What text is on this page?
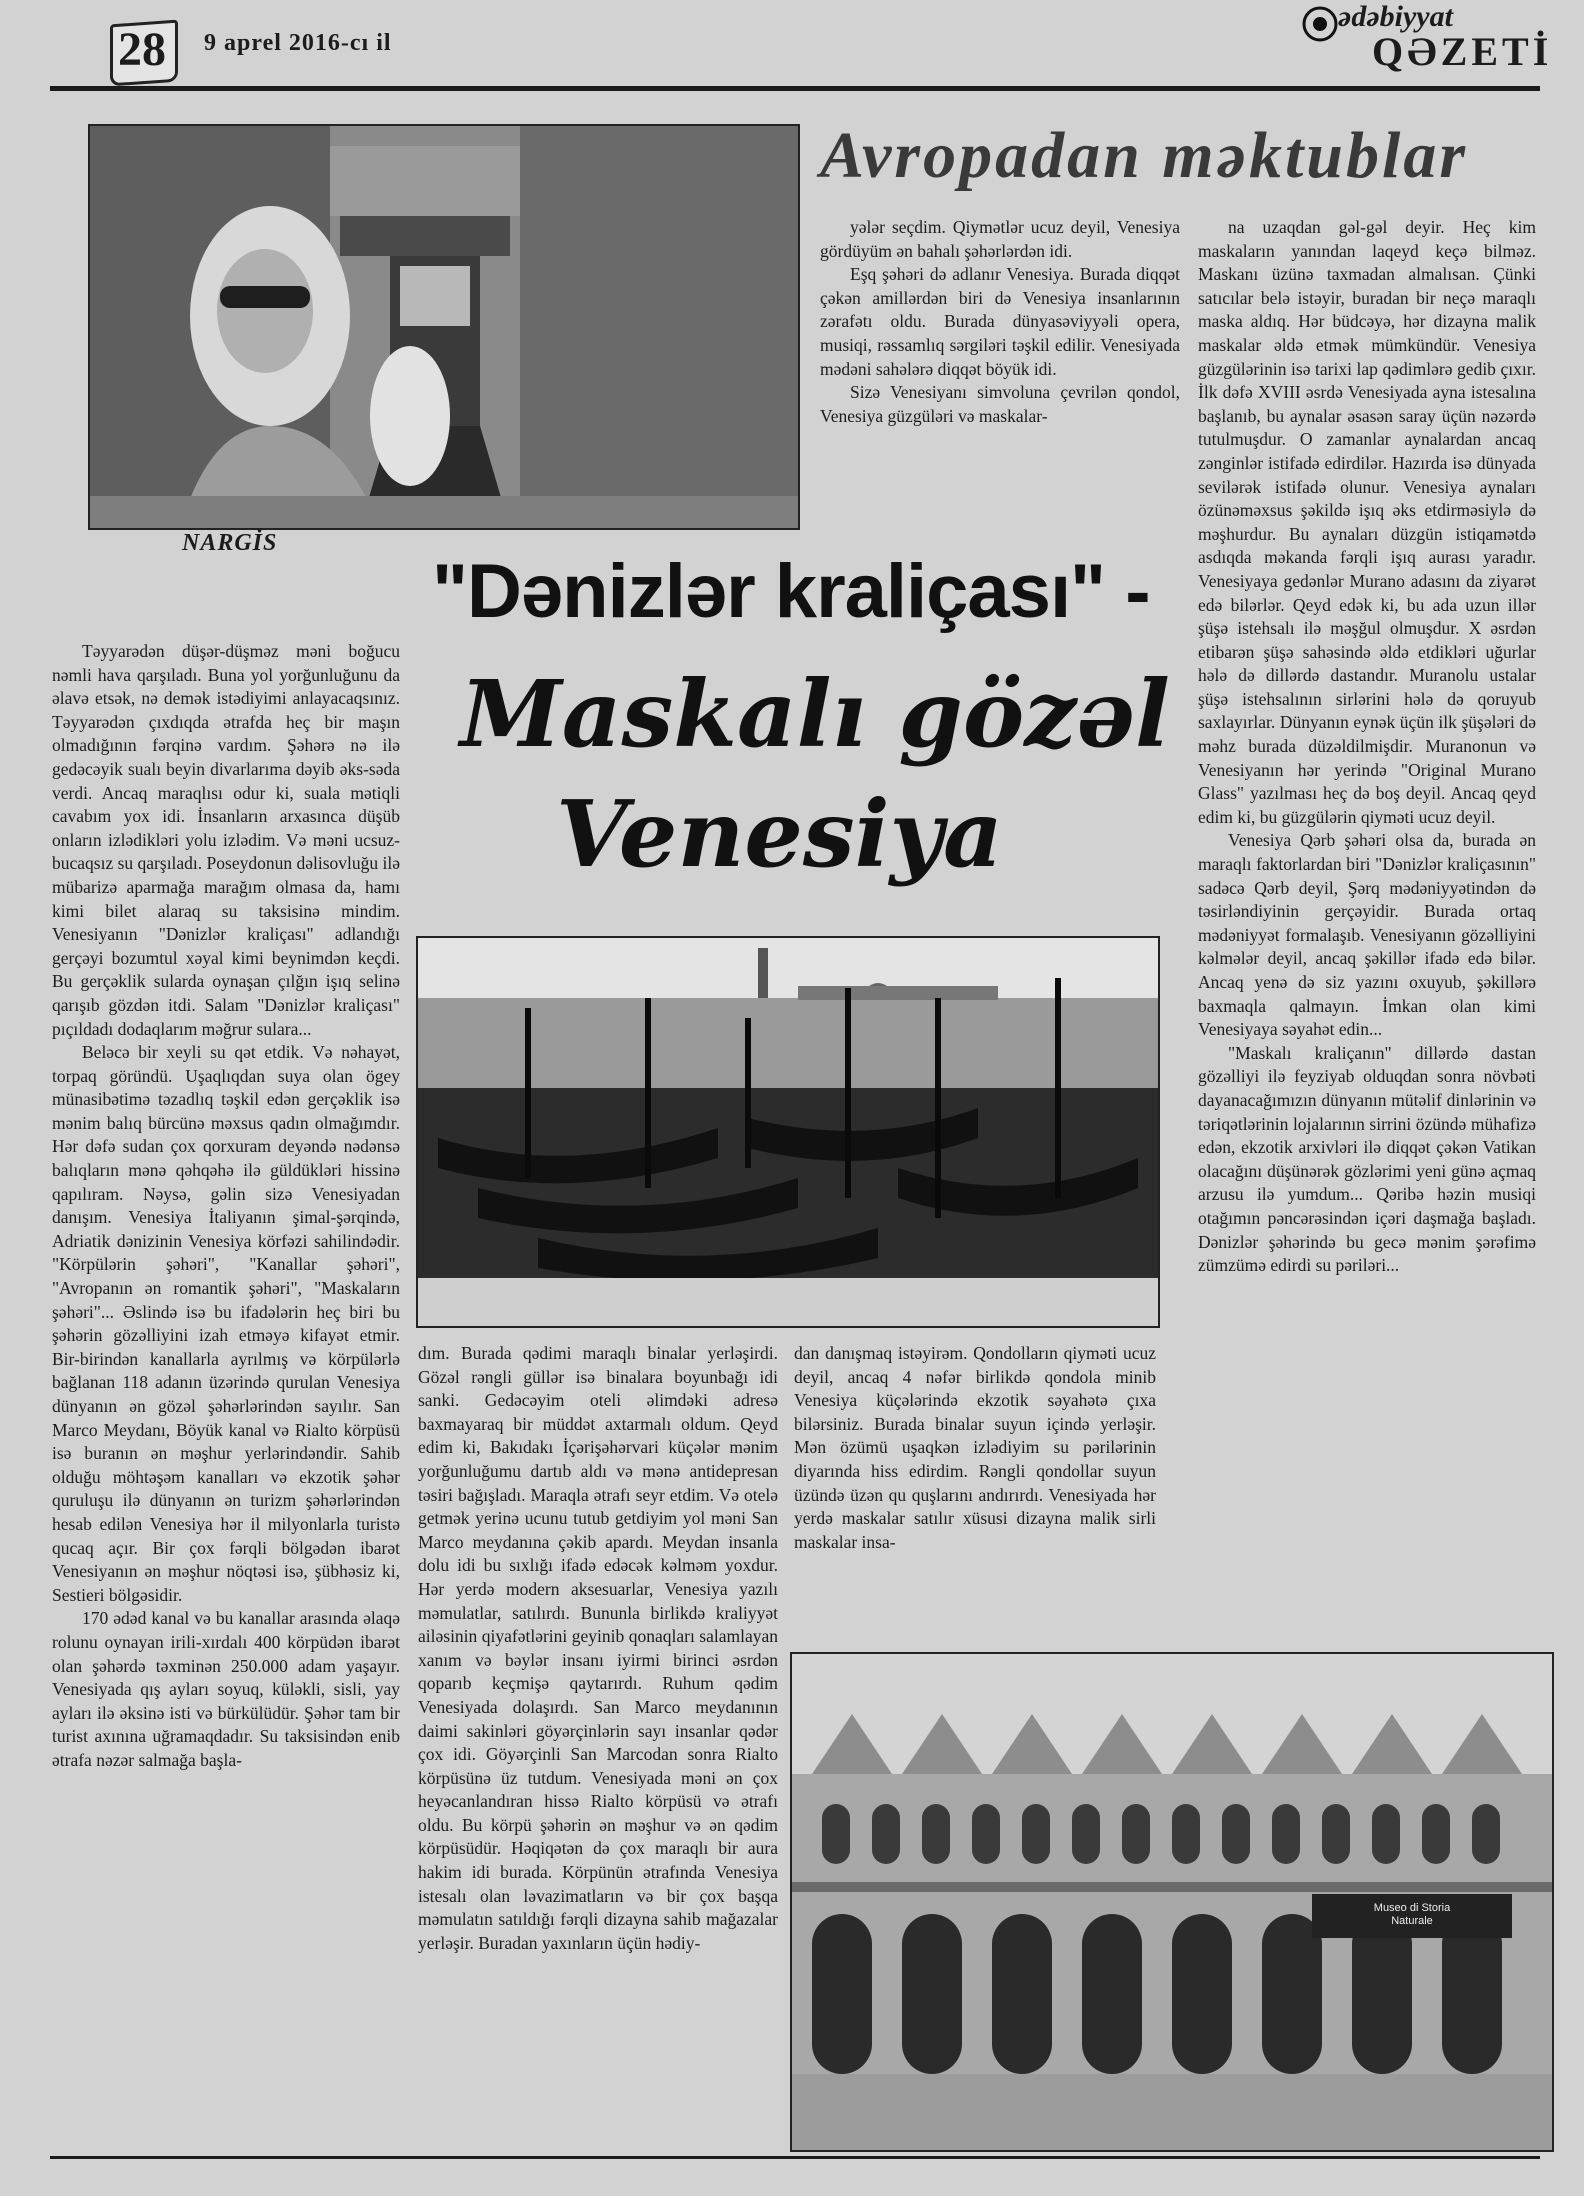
28 9 aprel 2016-cı il
ədəbiyyat
QƏZETİ
Avropadan məktublar
NARGİS
"Dənizlər kraliçası" -
Maskalı gözəl
Venesiya

Təyyarədən düşər-düşməz məni boğucu nəmli hava qarşıladı. Buna yol yorğunluğunu da əlavə etsək, nə demək istədiyimi anlayacaqsınız. Təyyarədən çıxdıqda ətrafda heç bir maşın olmadığının fərqinə vardım. Şəhərə nə ilə gedəcəyik sualı beyin divarlarıma dəyib əks-səda verdi. Ancaq maraqlısı odur ki, suala mətiqli cavabım yox idi. İnsanların arxasınca düşüb onların izlədikləri yolu izlədim. Və məni ucsuz-bucaqsız su qarşıladı. Poseydonun dəlisovluğu ilə mübarizə aparmağa marağım olmasa da, hamı kimi bilet alaraq su taksisinə mindim. Venesiyanın "Dənizlər kraliçası" adlandığı gerçəyi bozumtul xəyal kimi beynimdən keçdi. Bu gerçəklik sularda oynaşan çılğın işıq selinə qarışıb gözdən itdi. Salam "Dənizlər kraliçası" pıçıldadı dodaqlarım məğrur sulara...

Beləcə bir xeyli su qət etdik. Və nəhayət, torpaq göründü. Uşaqlıqdan suya olan ögey münasibətimə təzadlıq təşkil edən gerçəklik isə mənim balıq bürcünə məxsus qadın olmağımdır. Hər dəfə sudan çox qorxuram deyəndə nədənsə balıqların mənə qəhqəhə ilə güldükləri hissinə qapılıram. Nəysə, gəlin sizə Venesiyadan danışım. Venesiya İtaliyanın şimal-şərqində, Adriatik dənizinin Venesiya körfəzi sahilindədir. "Körpülərin şəhəri", "Kanallar şəhəri", "Avropanın ən romantik şəhəri", "Maskaların şəhəri"... Əslində isə bu ifadələrin heç biri bu şəhərin gözəlliyini izah etməyə kifayət etmir. Bir-birindən kanallarla ayrılmış və körpülərlə bağlanan 118 adanın üzərində qurulan Venesiya dünyanın ən gözəl şəhərlərindən sayılır. San Marco Meydanı, Böyük kanal və Rialto körpüsü isə buranın ən məşhur yerlərindəndir. Sahib olduğu möhtəşəm kanalları və ekzotik şəhər quruluşu ilə dünyanın ən turizm şəhərlərindən hesab edilən Venesiya hər il milyonlarla turistə qucaq açır. Bir çox fərqli bölgədən ibarət Venesiyanın ən məşhur nöqtəsi isə, şübhəsiz ki, Sestieri bölgəsidir.

170 ədəd kanal və bu kanallar arasında əlaqə rolunu oynayan irili-xırdalı 400 körpüdən ibarət olan şəhərdə təxminən 250.000 adam yaşayır. Venesiyada qış ayları soyuq, küləkli, sisli, yay ayları ilə əksinə isti və bürkülüdür. Şəhər tam bir turist axınına uğramaqdadır. Su taksisindən enib ətrafa nəzər salmağa başla-

yələr seçdim. Qiymətlər ucuz deyil, Venesiya gördüyüm ən bahalı şəhərlərdən idi.

Eşq şəhəri də adlanır Venesiya. Burada diqqət çəkən amillərdən biri də Venesiya insanlarının zərafətı oldu. Burada dünyasəviyyəli opera, musiqi, rəssamlıq sərgiləri təşkil edilir. Venesiyada mədəni sahələrə diqqət böyük idi.

Sizə Venesiyanı simvoluna çevrilən qondol, Venesiya güzgüləri və maskalar-

na uzaqdan gəl-gəl deyir. Heç kim maskaların yanından laqeyd keçə bilməz. Maskanı üzünə taxmadan almalısan. Çünki satıcılar belə istəyir, buradan bir neçə maraqlı maska aldıq. Hər büdcəyə, hər dizayna malik maskalar əldə etmək mümkündür. Venesiya güzgülərinin isə tarixi lap qədimlərə gedib çıxır. İlk dəfə XVIII əsrdə Venesiyada ayna istesalına başlanıb, bu aynalar əsasən saray üçün nəzərdə tutulmuşdur. O zamanlar aynalardan ancaq zənginlər istifadə edirdilər. Hazırda isə dünyada sevilərək istifadə olunur. Venesiya aynaları özünəməxsus şəkildə işıq əks etdirməsiylə də məşhurdur. Bu aynaları düzgün istiqamətdə asdıqda məkanda fərqli işıq aurası yaradır. Venesiyaya gedənlər Murano adasını da ziyarət edə bilərlər. Qeyd edək ki, bu ada uzun illər şüşə istehsalı ilə məşğul olmuşdur. X əsrdən etibarən şüşə sahəsində əldə etdikləri uğurlar hələ də dillərdə dastandır. Muranolu ustalar şüşə istehsalının sirlərini hələ də qoruyub saxlayırlar. Dünyanın eynək üçün ilk şüşələri də məhz burada düzəldilmişdir. Muranonun və Venesiyanın hər yerində "Original Murano Glass" yazılması heç də boş deyil. Ancaq qeyd edim ki, bu güzgülərin qiyməti ucuz deyil.

Venesiya Qərb şəhəri olsa da, burada ən maraqlı faktorlardan biri "Dənizlər kraliçasının" sadəcə Qərb deyil, Şərq mədəniyyətindən də təsirləndiyinin gerçəyidir. Burada ortaq mədəniyyət formalaşıb. Venesiyanın gözəlliyini kəlmələr deyil, ancaq şəkillər ifadə edə bilər. Ancaq yenə də siz yazını oxuyub, şəkillərə baxmaqla qalmayın. İmkan olan kimi Venesiyaya səyahət edin...

"Maskalı kraliçanın" dillərdə dastan gözəlliyi ilə feyziyab olduqdan sonra növbəti dayanacağımızın dünyanın mütəlif dinlərinin və təriqətlərinin lojalarının sirrini özündə mühafizə edən, ekzotik arxivləri ilə diqqət çəkən Vatikan olacağını düşünərək gözlərimi yeni günə açmaq arzusu ilə yumdum... Qəribə həzin musiqi otağımın pəncərəsindən içəri daşmağa başladı. Dənizlər şəhərində bu gecə mənim şərəfimə zümzümə edirdi su pəriləri...

dım. Burada qədimi maraqlı binalar yerləşirdi. Gözəl rəngli güllər isə binalara boyunbağı idi sanki. Gedəcəyim oteli əlimdəki adresə baxmayaraq bir müddət axtarmalı oldum. Qeyd edim ki, Bakıdakı İçərişəhərvari küçələr mənim yorğunluğumu dartıb aldı və mənə antidepresan təsiri bağışladı. Maraqla ətrafı seyr etdim. Və otelə getmək yerinə ucunu tutub getdiyim yol məni San Marco meydanına çəkib apardı. Meydan insanla dolu idi bu sıxlığı ifadə edəcək kəlməm yoxdur. Hər yerdə modern aksesuarlar, Venesiya yazılı məmulatlar, satılırdı. Bununla birlikdə kraliyyət ailəsinin qiyafətlərini geyinib qonaqları salamlayan xanım və bəylər insanı iyirmi birinci əsrdən qoparıb keçmişə qaytarırdı. Ruhum qədim Venesiyada dolaşırdı. San Marco meydanının daimi sakinləri göyərçinlərin sayı insanlar qədər çox idi. Göyərçinli San Marcodan sonra Rialto körpüsünə üz tutdum. Venesiyada məni ən çox heyəcanlandıran hissə Rialto körpüsü və ətrafı oldu. Bu körpü şəhərin ən məşhur və ən qədim körpüsüdür. Həqiqətən də çox maraqlı bir aura hakim idi burada. Körpünün ətrafında Venesiya istesalı olan ləvazimatların və bir çox başqa məmulatın satıldığı fərqli dizayna sahib mağazalar yerləşir. Buradan yaxınların üçün hədiy-

dan danışmaq istəyirəm. Qondolların qiyməti ucuz deyil, ancaq 4 nəfər birlikdə qondola minib Venesiya küçələrində ekzotik səyahətə çıxa bilərsiniz. Burada binalar suyun içində yerləşir. Mən özümü uşaqkən izlədiyim su pərilərinin diyarında hiss edirdim. Rəngli qondollar suyun üzündə üzən qu quşlarını andırırdı. Venesiyada hər yerdə maskalar satılır xüsusi dizayna malik sirli maskalar insa-

Museo di Storia
Naturale
